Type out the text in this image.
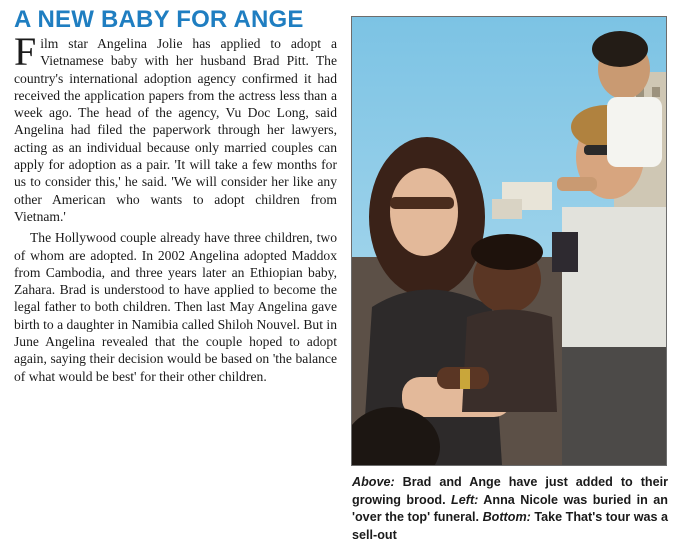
A NEW BABY FOR ANGE

Film star Angelina Jolie has applied to adopt a Vietnamese baby with her husband Brad Pitt. The country's international adoption agency confirmed it had received the application papers from the actress less than a week ago. The head of the agency, Vu Doc Long, said Angelina had filed the paperwork through her lawyers, acting as an individual because only married couples can apply for adoption as a pair. 'It will take a few months for us to consider this,' he said. 'We will consider her like any other American who wants to adopt children from Vietnam.'

The Hollywood couple already have three children, two of whom are adopted. In 2002 Angelina adopted Maddox from Cambodia, and three years later an Ethiopian baby, Zahara. Brad is understood to have applied to become the legal father to both children. Then last May Angelina gave birth to a daughter in Namibia called Shiloh Nouvel. But in June Angelina revealed that the couple hoped to adopt again, saying their decision would be based on 'the balance of what would be best' for their other children.

Above: Brad and Ange have just added to their growing brood. Left: Anna Nicole was buried in an 'over the top' funeral. Bottom: Take That's tour was a sell-out
